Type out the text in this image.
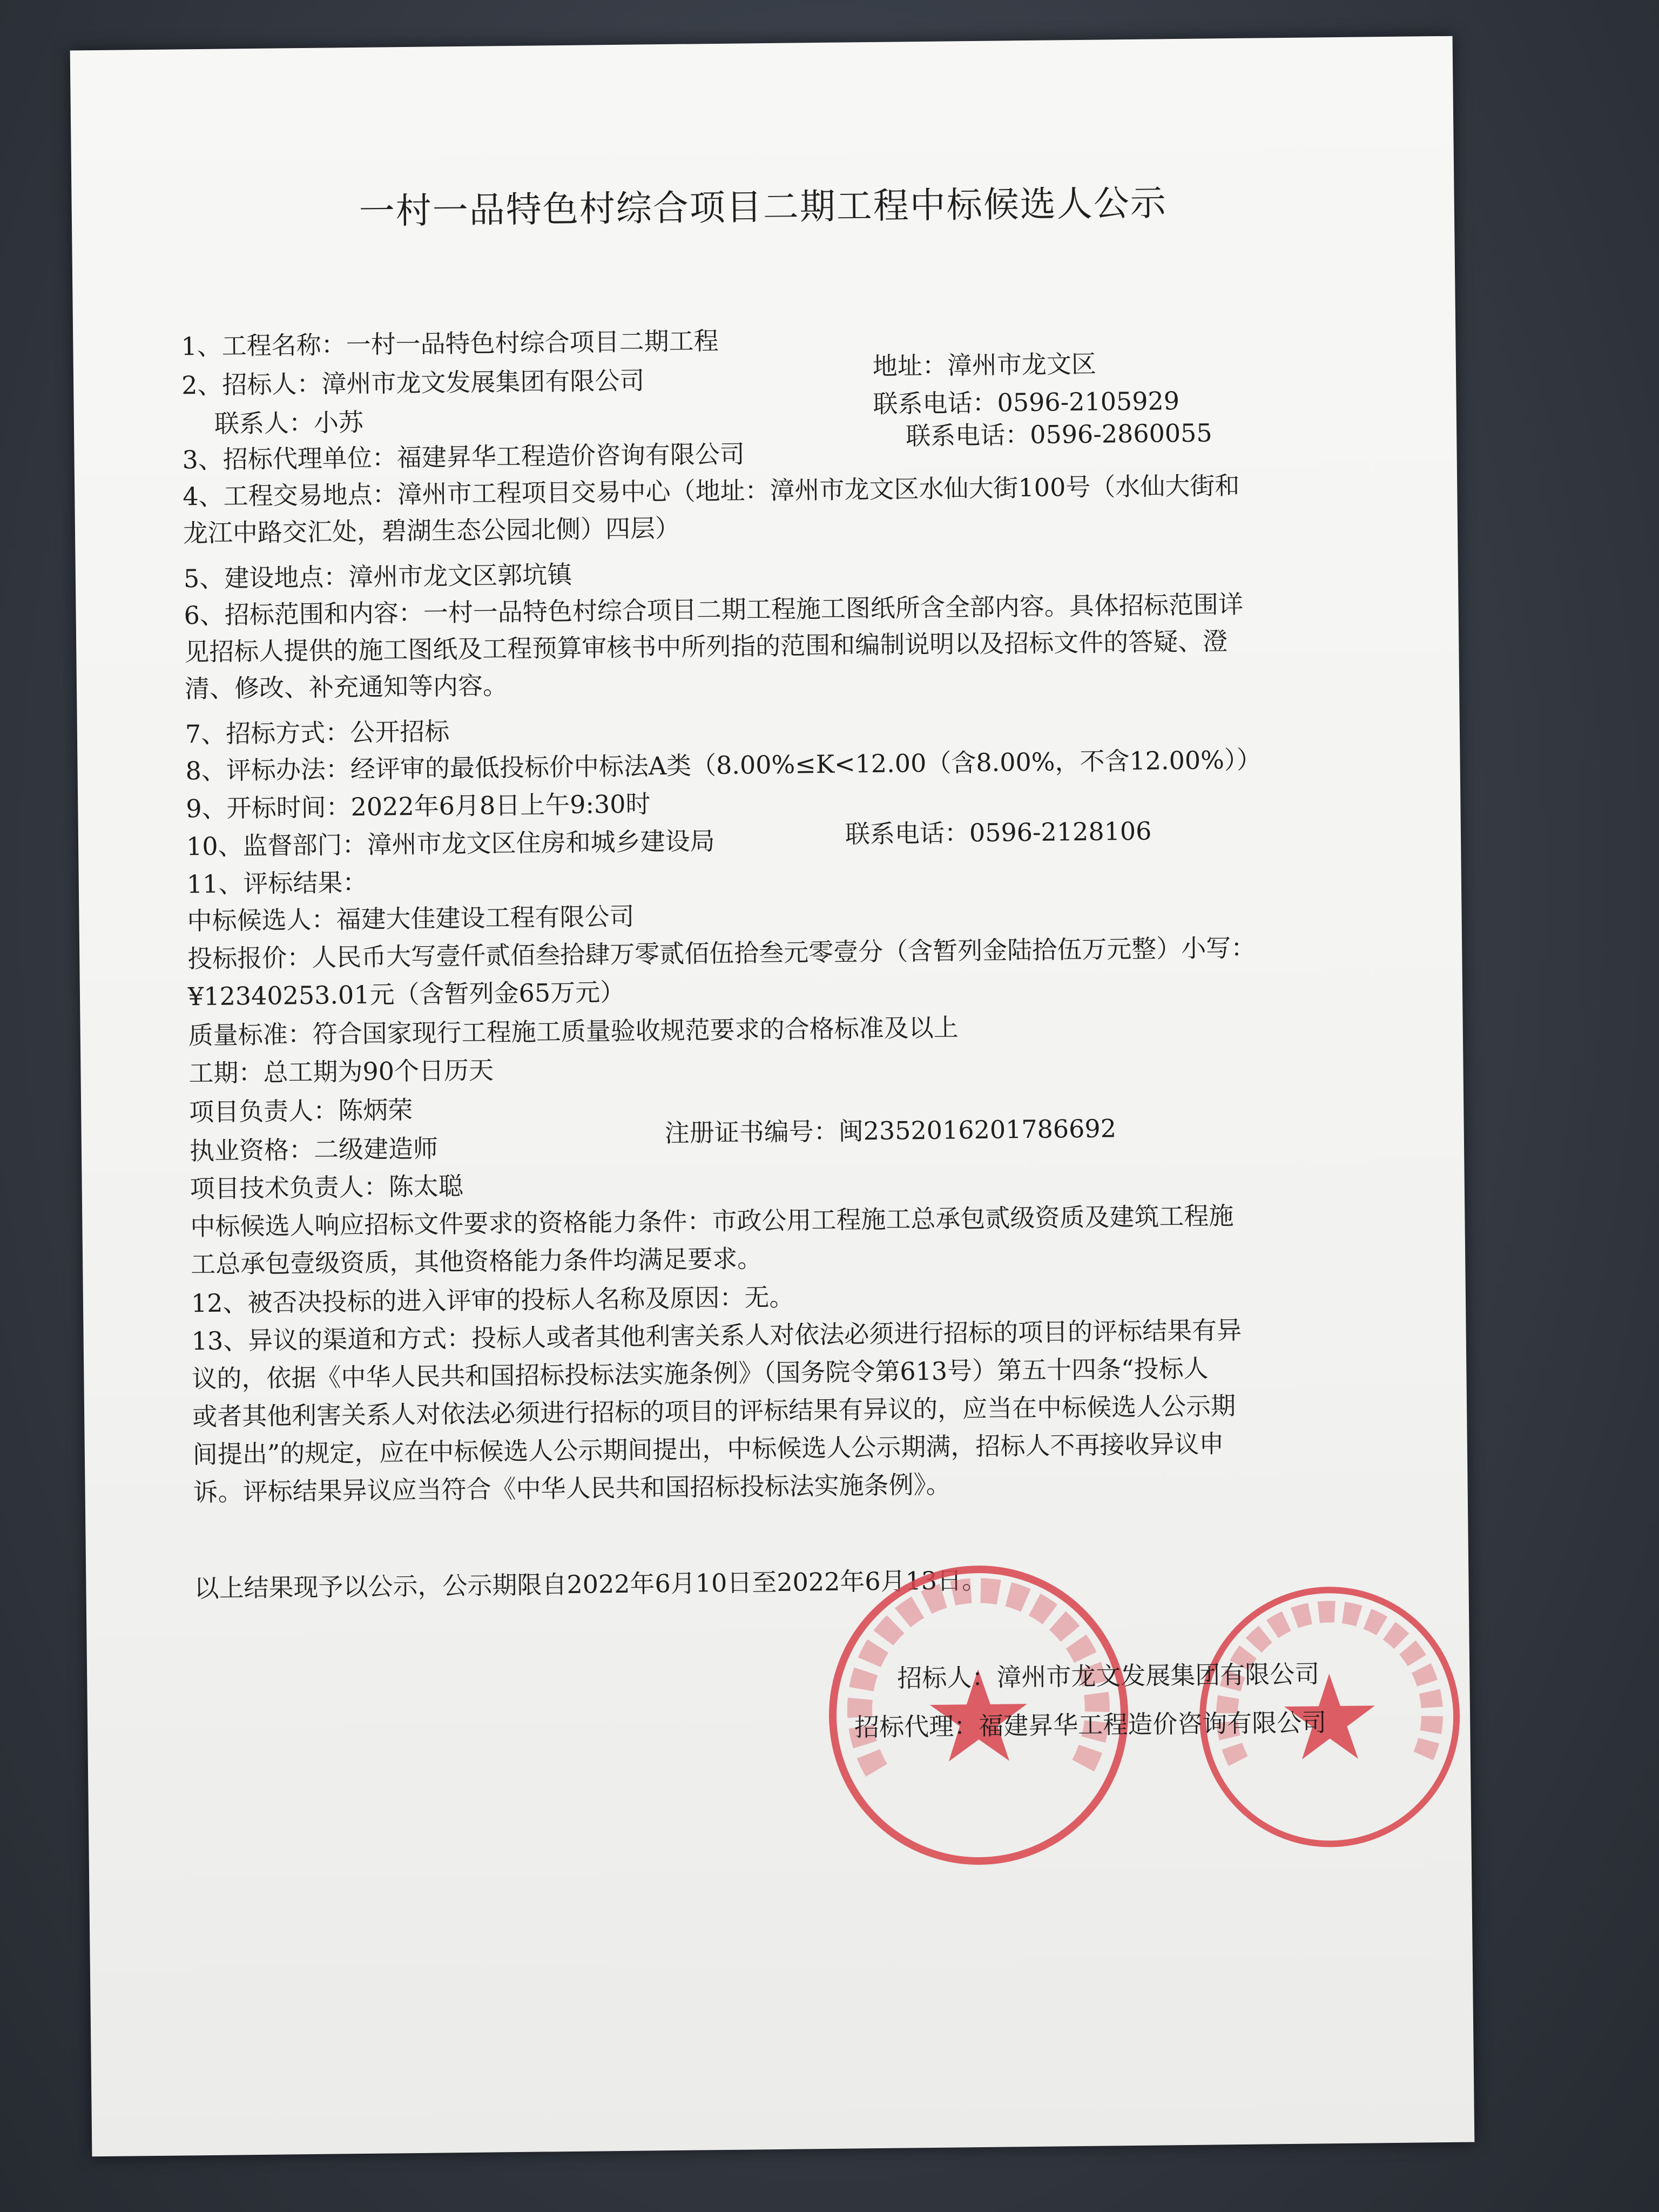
一村一品特色村综合项目二期工程中标候选人公示
1、工程名称：一村一品特色村综合项目二期工程
2、招标人：漳州市龙文发展集团有限公司
地址：漳州市龙文区
联系电话：0596-2105929
联系人：小苏
3、招标代理单位：福建昇华工程造价咨询有限公司
联系电话：0596-2860055
4、工程交易地点：漳州市工程项目交易中心（地址：漳州市龙文区水仙大街100号（水仙大街和
龙江中路交汇处，碧湖生态公园北侧）四层）
5、建设地点：漳州市龙文区郭坑镇
6、招标范围和内容：一村一品特色村综合项目二期工程施工图纸所含全部内容。具体招标范围详
见招标人提供的施工图纸及工程预算审核书中所列指的范围和编制说明以及招标文件的答疑、澄
清、修改、补充通知等内容。
7、招标方式：公开招标
8、评标办法：经评审的最低投标价中标法A类（8.00%≤K<12.00（含8.00%，不含12.00%））
9、开标时间：2022年6月8日上午9:30时
10、监督部门：漳州市龙文区住房和城乡建设局	联系电话：0596-2128106
11、评标结果：
中标候选人：福建大佳建设工程有限公司
投标报价：人民币大写壹仟贰佰叁拾肆万零贰佰伍拾叁元零壹分（含暂列金陆拾伍万元整）小写：
¥12340253.01元（含暂列金65万元）
质量标准：符合国家现行工程施工质量验收规范要求的合格标准及以上
工期：总工期为90个日历天
项目负责人：陈炳荣
执业资格：二级建造师
注册证书编号：闽2352016201786692
项目技术负责人：陈太聪
中标候选人响应招标文件要求的资格能力条件：市政公用工程施工总承包贰级资质及建筑工程施
工总承包壹级资质，其他资格能力条件均满足要求。
12、被否决投标的进入评审的投标人名称及原因：无。
13、异议的渠道和方式：投标人或者其他利害关系人对依法必须进行招标的项目的评标结果有异
议的，依据《中华人民共和国招标投标法实施条例》（国务院令第613号）第五十四条“投标人
或者其他利害关系人对依法必须进行招标的项目的评标结果有异议的，应当在中标候选人公示期
间提出”的规定，应在中标候选人公示期间提出，中标候选人公示期满，招标人不再接收异议申
诉。评标结果异议应当符合《中华人民共和国招标投标法实施条例》。
以上结果现予以公示，公示期限自2022年6月10日至2022年6月13日。
招标人：漳州市龙文发展集团有限公司
招标代理：福建昇华工程造价咨询有限公司
